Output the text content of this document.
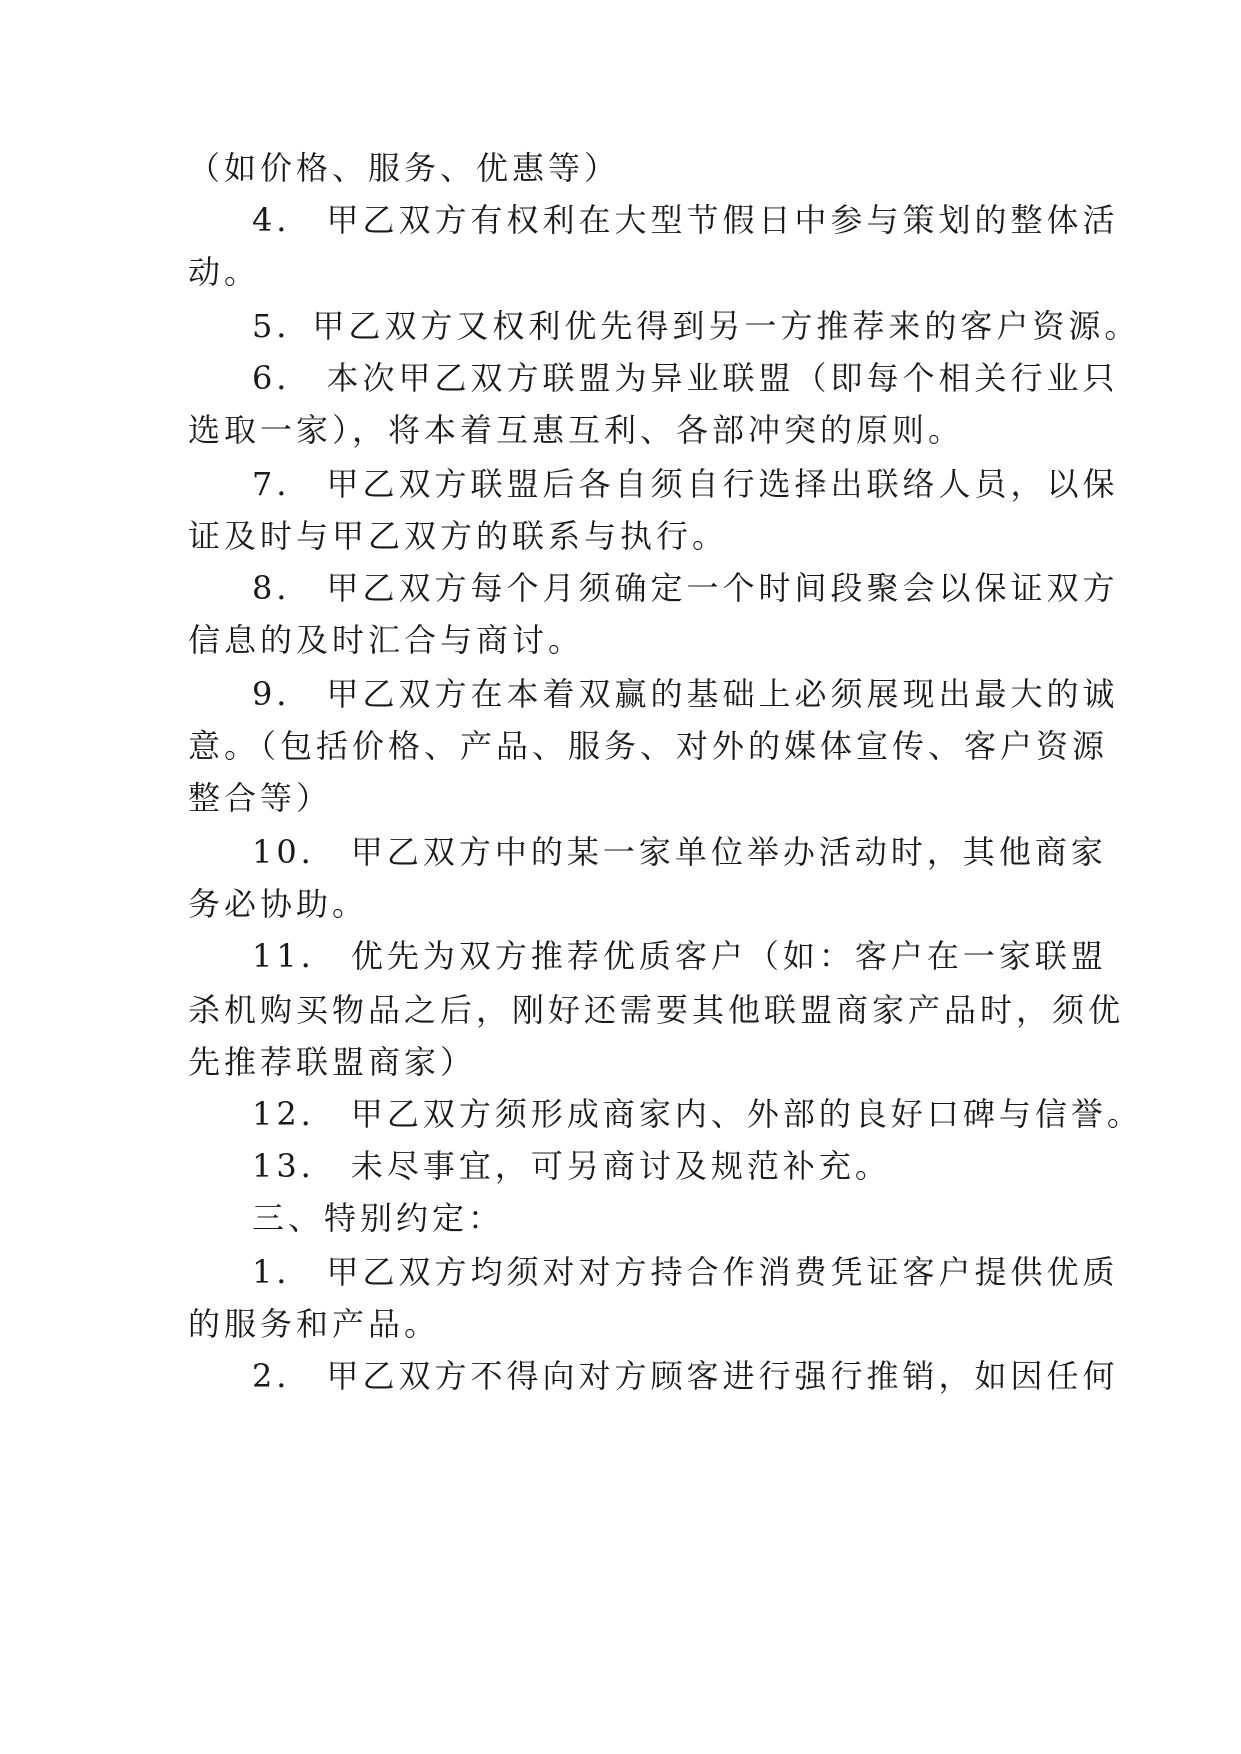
（如价格、服务、优惠等）
4． 甲乙双方有权利在大型节假日中参与策划的整体活
动。
5．甲乙双方又权利优先得到另一方推荐来的客户资源。
6． 本次甲乙双方联盟为异业联盟（即每个相关行业只
选取一家），将本着互惠互利、各部冲突的原则。
7． 甲乙双方联盟后各自须自行选择出联络人员，以保
证及时与甲乙双方的联系与执行。
8． 甲乙双方每个月须确定一个时间段聚会以保证双方
信息的及时汇合与商讨。
9． 甲乙双方在本着双赢的基础上必须展现出最大的诚
意。（包括价格、产品、服务、对外的媒体宣传、客户资源
整合等）
10． 甲乙双方中的某一家单位举办活动时，其他商家
务必协助。
11． 优先为双方推荐优质客户（如：客户在一家联盟
杀机购买物品之后，刚好还需要其他联盟商家产品时，须优
先推荐联盟商家）
12． 甲乙双方须形成商家内、外部的良好口碑与信誉。
13． 未尽事宜，可另商讨及规范补充。
三、特别约定：
1． 甲乙双方均须对对方持合作消费凭证客户提供优质
的服务和产品。
2． 甲乙双方不得向对方顾客进行强行推销，如因任何
